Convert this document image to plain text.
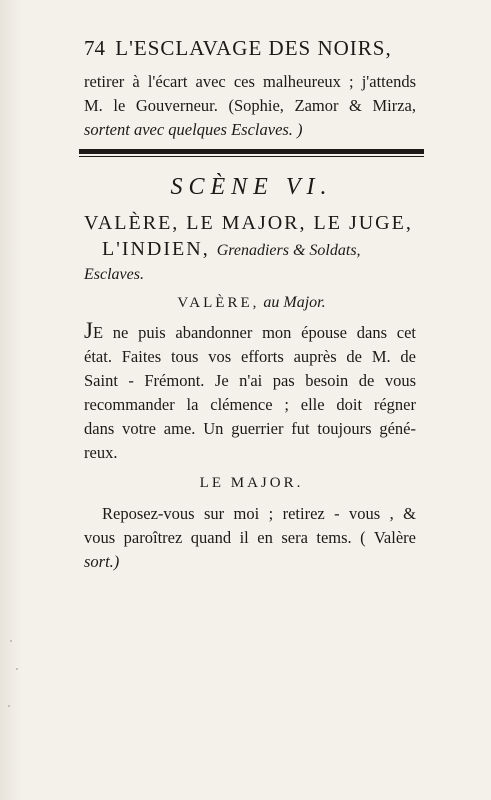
74 L'ESCLAVAGE DES NOIRS,
retirer à l'écart avec ces malheureux ; j'attends
M. le Gouverneur. (Sophie, Zamor & Mirza,
sortent avec quelques Esclaves. )
SCÈNE VI.
VALÈRE, LE MAJOR, LE JUGE,
L'INDIEN, Grenadiers & Soldats,
Esclaves.
VALÈRE, au Major.
JE ne puis abandonner mon épouse dans cet
état. Faites tous vos efforts auprès de M. de
Saint - Frémont. Je n'ai pas besoin de vous
recommander la clémence ; elle doit régner
dans votre ame. Un guerrier fut toujours géné-
reux.
LE MAJOR.
Reposez-vous sur moi ; retirez - vous , &
vous paroîtrez quand il en sera tems. ( Valère
sort.)
